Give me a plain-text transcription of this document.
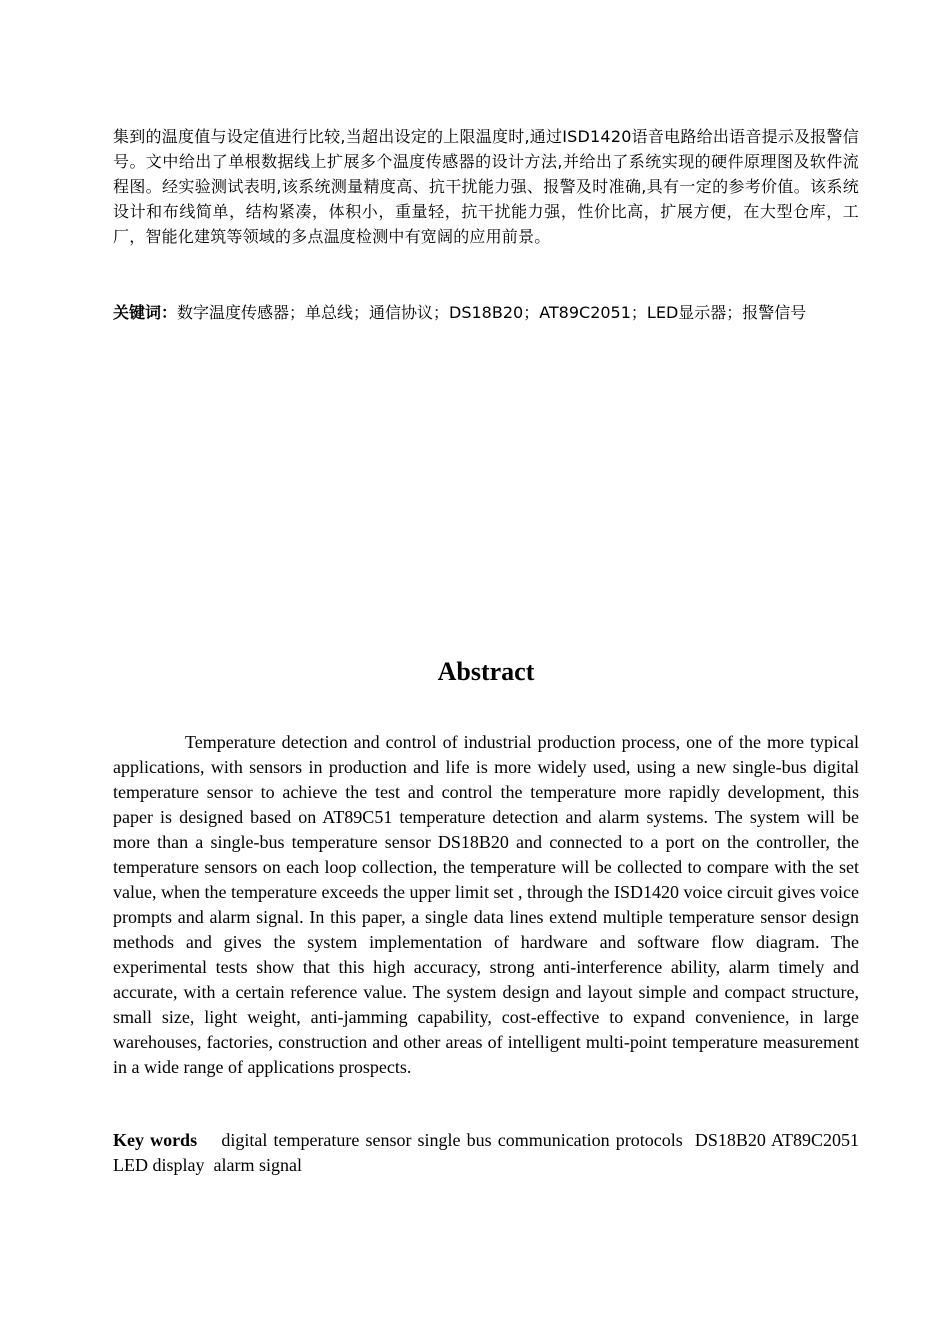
集到的温度值与设定值进行比较,当超出设定的上限温度时,通过ISD1420语音电路给出语音提示及报警信号。文中给出了单根数据线上扩展多个温度传感器的设计方法,并给出了系统实现的硬件原理图及软件流程图。经实验测试表明,该系统测量精度高、抗干扰能力强、报警及时准确,具有一定的参考价值。该系统设计和布线简单，结构紧凑，体积小，重量轻，抗干扰能力强，性价比高，扩展方便，在大型仓库，工厂，智能化建筑等领域的多点温度检测中有宽阔的应用前景。

关键词： 数字温度传感器；单总线；通信协议；DS18B20；AT89C2051；LED显示器；报警信号
Abstract

Temperature detection and control of industrial production process, one of the more typical applications, with sensors in production and life is more widely used, using a new single-bus digital temperature sensor to achieve the test and control the temperature more rapidly development, this paper is designed based on AT89C51 temperature detection and alarm systems. The system will be more than a single-bus temperature sensor DS18B20 and connected to a port on the controller, the temperature sensors on each loop collection, the temperature will be collected to compare with the set value, when the temperature exceeds the upper limit set , through the ISD1420 voice circuit gives voice prompts and alarm signal. In this paper, a single data lines extend multiple temperature sensor design methods and gives the system implementation of hardware and software flow diagram. The experimental tests show that this high accuracy, strong anti-interference ability, alarm timely and accurate, with a certain reference value. The system design and layout simple and compact structure, small size, light weight, anti-jamming capability, cost-effective to expand convenience, in large warehouses, factories, construction and other areas of intelligent multi-point temperature measurement in a wide range of applications prospects.

Key words digital temperature sensor single bus communication protocols  DS18B20 AT89C2051  LED display  alarm signal
